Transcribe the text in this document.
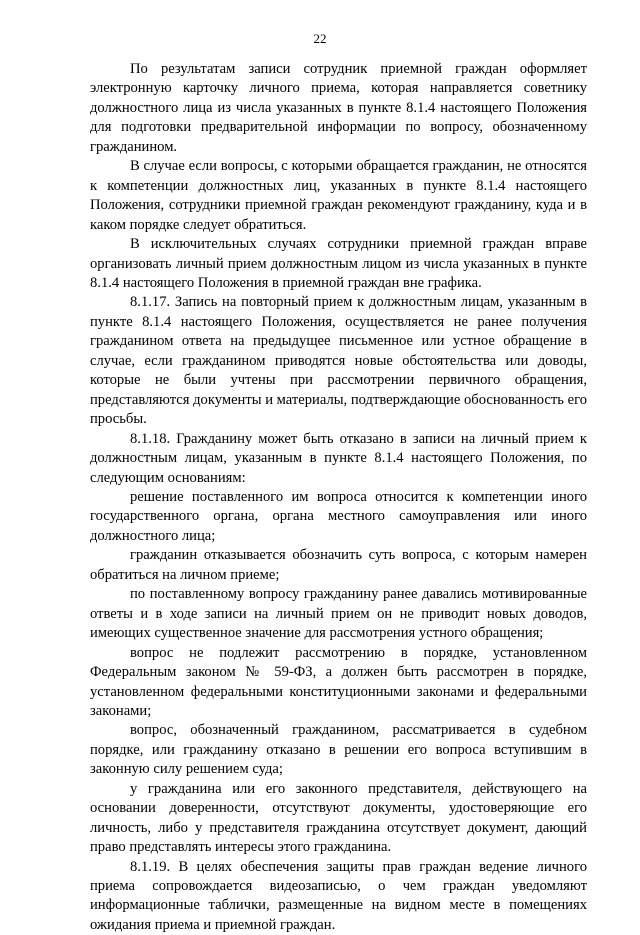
22

По результатам записи сотрудник приемной граждан оформляет электронную карточку личного приема, которая направляется советнику должностного лица из числа указанных в пункте 8.1.4 настоящего Положения для подготовки предварительной информации по вопросу, обозначенному гражданином.

В случае если вопросы, с которыми обращается гражданин, не относятся к компетенции должностных лиц, указанных в пункте 8.1.4 настоящего Положения, сотрудники приемной граждан рекомендуют гражданину, куда и в каком порядке следует обратиться.

В исключительных случаях сотрудники приемной граждан вправе организовать личный прием должностным лицом из числа указанных в пункте 8.1.4 настоящего Положения в приемной граждан вне графика.

8.1.17. Запись на повторный прием к должностным лицам, указанным в пункте 8.1.4 настоящего Положения, осуществляется не ранее получения гражданином ответа на предыдущее письменное или устное обращение в случае, если гражданином приводятся новые обстоятельства или доводы, которые не были учтены при рассмотрении первичного обращения, представляются документы и материалы, подтверждающие обоснованность его просьбы.

8.1.18. Гражданину может быть отказано в записи на личный прием к должностным лицам, указанным в пункте 8.1.4 настоящего Положения, по следующим основаниям:

решение поставленного им вопроса относится к компетенции иного государственного органа, органа местного самоуправления или иного должностного лица;

гражданин отказывается обозначить суть вопроса, с которым намерен обратиться на личном приеме;

по поставленному вопросу гражданину ранее давались мотивированные ответы и в ходе записи на личный прием он не приводит новых доводов, имеющих существенное значение для рассмотрения устного обращения;

вопрос не подлежит рассмотрению в порядке, установленном Федеральным законом № 59-ФЗ, а должен быть рассмотрен в порядке, установленном федеральными конституционными законами и федеральными законами;

вопрос, обозначенный гражданином, рассматривается в судебном порядке, или гражданину отказано в решении его вопроса вступившим в законную силу решением суда;

у гражданина или его законного представителя, действующего на основании доверенности, отсутствуют документы, удостоверяющие его личность, либо у представителя гражданина отсутствует документ, дающий право представлять интересы этого гражданина.

8.1.19. В целях обеспечения защиты прав граждан ведение личного приема сопровождается видеозаписью, о чем граждан уведомляют информационные таблички, размещенные на видном месте в помещениях ожидания приема и приемной граждан.
